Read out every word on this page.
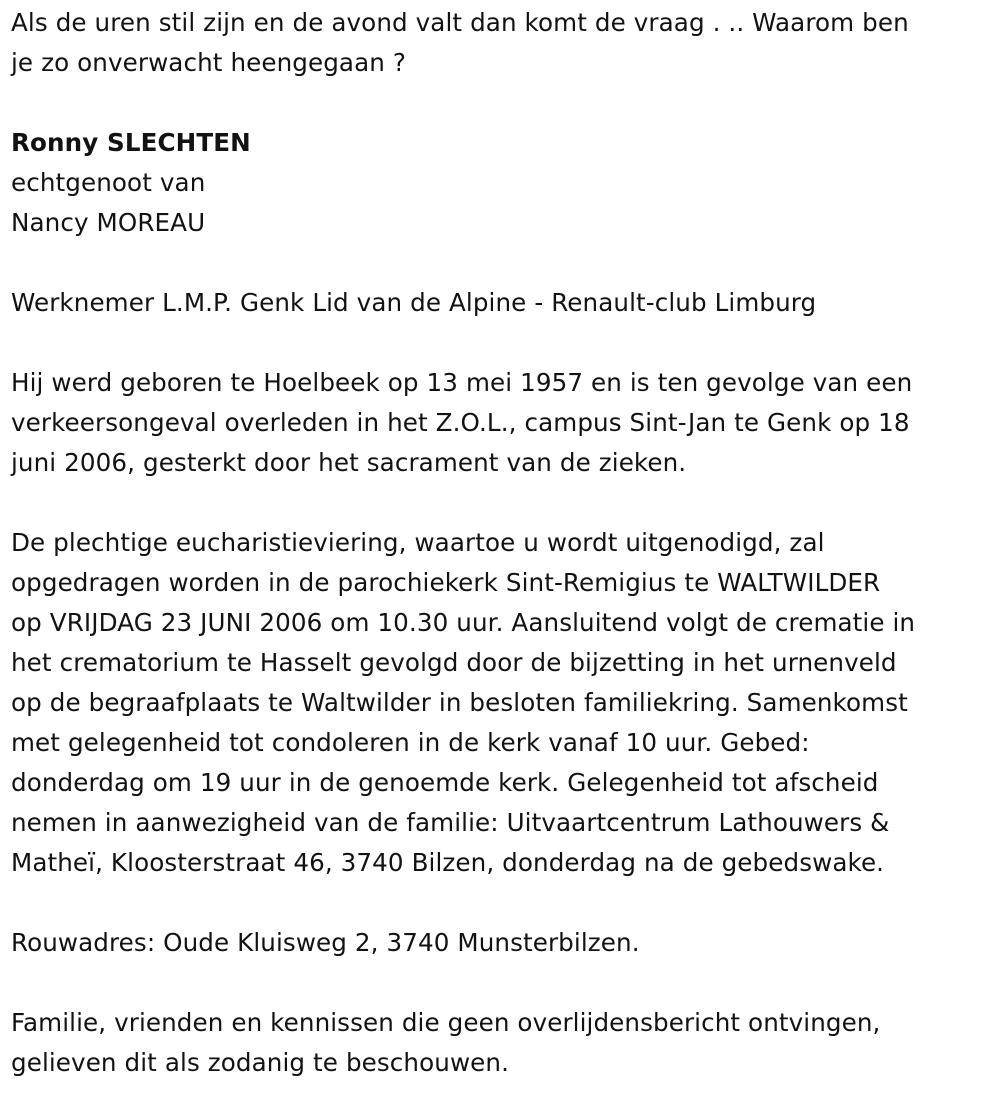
Als de uren stil zijn en de avond valt dan komt de vraag . .. Waarom ben
je zo onverwacht heengegaan ?
Ronny SLECHTEN
echtgenoot van
Nancy MOREAU
Werknemer L.M.P. Genk Lid van de Alpine - Renault-club Limburg
Hij werd geboren te Hoelbeek op 13 mei 1957 en is ten gevolge van een
verkeersongeval overleden in het Z.O.L., campus Sint-Jan te Genk op 18
juni 2006, gesterkt door het sacrament van de zieken.
De plechtige eucharistieviering, waartoe u wordt uitgenodigd, zal
opgedragen worden in de parochiekerk Sint-Remigius te WALTWILDER
op VRIJDAG 23 JUNI 2006 om 10.30 uur. Aansluitend volgt de crematie in
het crematorium te Hasselt gevolgd door de bijzetting in het urnenveld
op de begraafplaats te Waltwilder in besloten familiekring. Samenkomst
met gelegenheid tot condoleren in de kerk vanaf 10 uur. Gebed:
donderdag om 19 uur in de genoemde kerk. Gelegenheid tot afscheid
nemen in aanwezigheid van de familie: Uitvaartcentrum Lathouwers &
Matheï, Kloosterstraat 46, 3740 Bilzen, donderdag na de gebedswake.
Rouwadres: Oude Kluisweg 2, 3740 Munsterbilzen.
Familie, vrienden en kennissen die geen overlijdensbericht ontvingen,
gelieven dit als zodanig te beschouwen.
